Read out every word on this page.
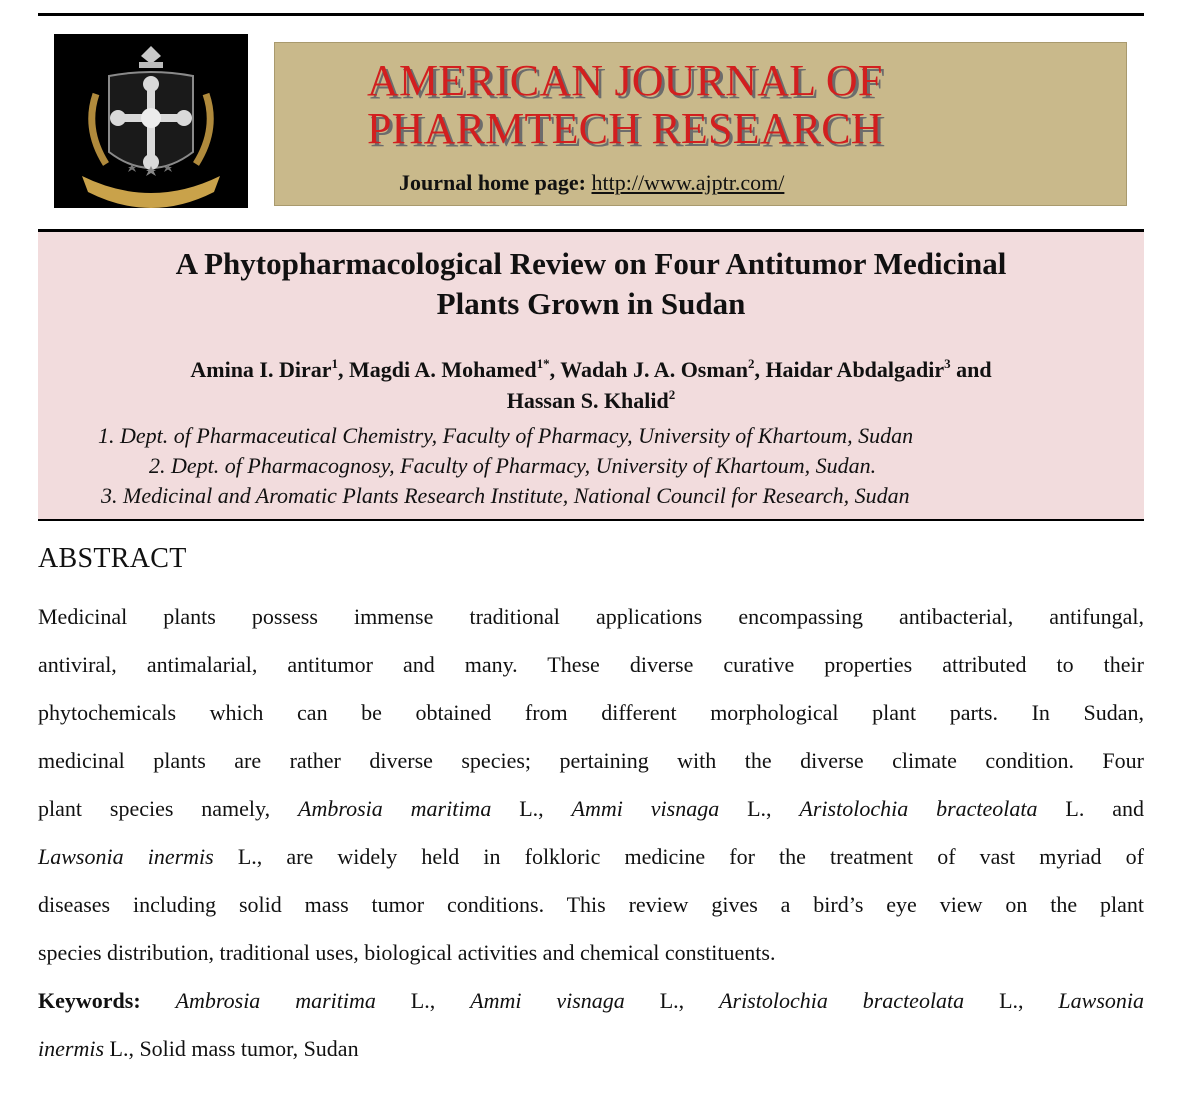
AMERICAN JOURNAL OF
PHARMTECH RESEARCH
Journal home page: http://www.ajptr.com/
A Phytopharmacological Review on Four Antitumor Medicinal
Plants Grown in Sudan
Amina I. Dirar$^1$, Magdi A. Mohamed$^{1*}$, Wadah J. A. Osman$^2$, Haidar Abdalgadir$^3$ and
Hassan S. Khalid$^2$
1. Dept. of Pharmaceutical Chemistry, Faculty of Pharmacy, University of Khartoum, Sudan
2. Dept. of Pharmacognosy, Faculty of Pharmacy, University of Khartoum, Sudan.
3. Medicinal and Aromatic Plants Research Institute, National Council for Research, Sudan
ABSTRACT
Medicinal plants possess immense traditional applications encompassing antibacterial, antifungal,
antiviral, antimalarial, antitumor and many. These diverse curative properties attributed to their
phytochemicals which can be obtained from different morphological plant parts. In Sudan,
medicinal plants are rather diverse species; pertaining with the diverse climate condition. Four
plant species namely, Ambrosia maritima L., Ammi visnaga L., Aristolochia bracteolata L. and
Lawsonia inermis L., are widely held in folkloric medicine for the treatment of vast myriad of
diseases including solid mass tumor conditions. This review gives a bird’s eye view on the plant
species distribution, traditional uses, biological activities and chemical constituents.
Keywords: Ambrosia maritima L., Ammi visnaga L., Aristolochia bracteolata L., Lawsonia
inermis L., Solid mass tumor, Sudan
